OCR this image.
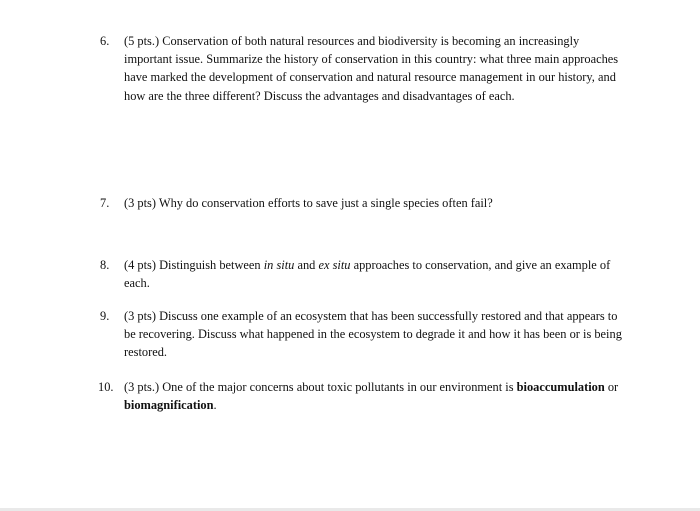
6.	(5 pts.) Conservation of both natural resources and biodiversity is becoming an increasingly important issue. Summarize the history of conservation in this country: what three main approaches have marked the development of conservation and natural resource management in our history, and how are the three different? Discuss the advantages and disadvantages of each.
7.	(3 pts) Why do conservation efforts to save just a single species often fail?
8.	(4 pts) Distinguish between in situ and ex situ approaches to conservation, and give an example of each.
9.	(3 pts) Discuss one example of an ecosystem that has been successfully restored and that appears to be recovering. Discuss what happened in the ecosystem to degrade it and how it has been or is being restored.
10. (3 pts.) One of the major concerns about toxic pollutants in our environment is bioaccumulation or biomagnification.
